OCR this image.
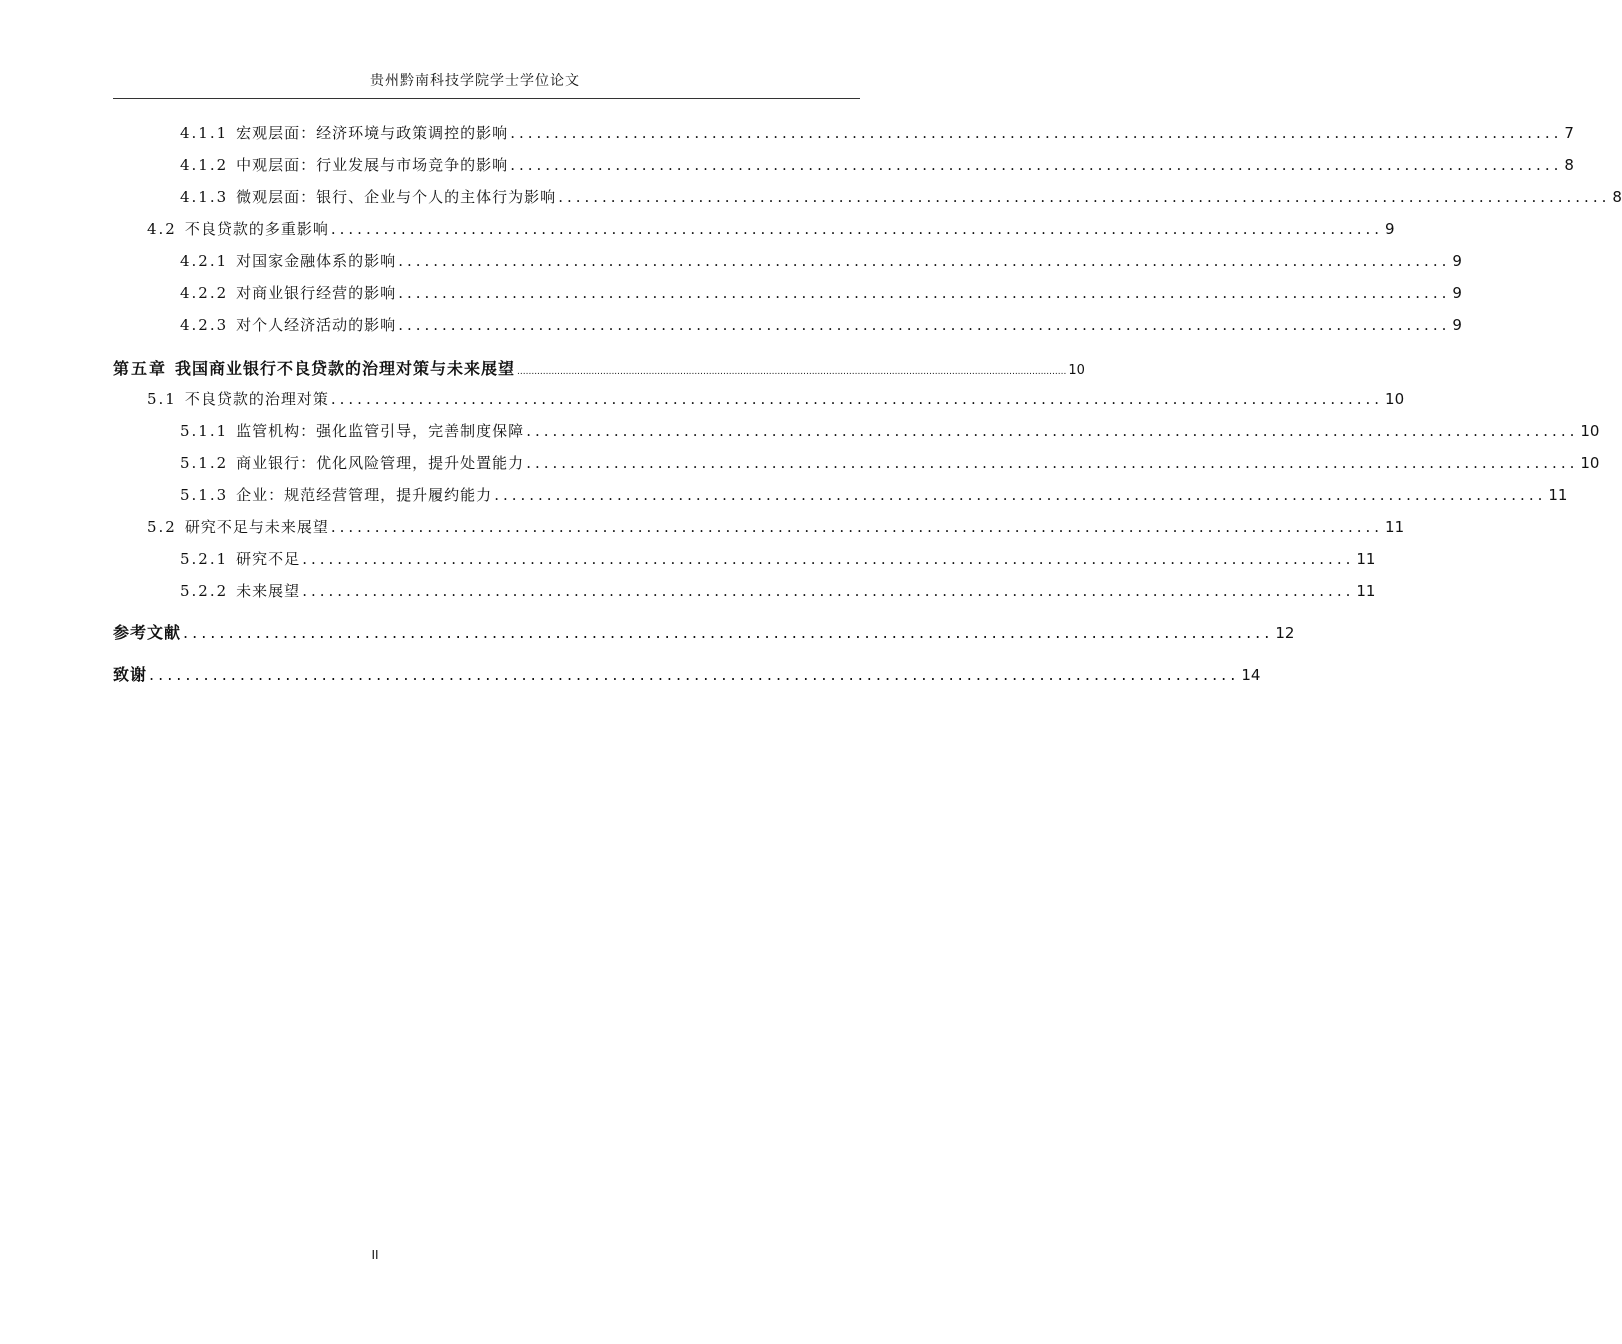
贵州黔南科技学院学士学位论文
4.1.1 宏观层面：经济环境与政策调控的影响 ........................................................................................................................ 7
4.1.2 中观层面：行业发展与市场竞争的影响 ........................................................................................................................ 8
4.1.3 微观层面：银行、企业与个人的主体行为影响 ........................................................................................................................ 8
4.2 不良贷款的多重影响 ........................................................................................................................ 9
4.2.1 对国家金融体系的影响 ........................................................................................................................ 9
4.2.2 对商业银行经营的影响 ........................................................................................................................ 9
4.2.3 对个人经济活动的影响 ........................................................................................................................ 9
第五章 我国商业银行不良贷款的治理对策与未来展望 ................................................................................................................................................................................................ 10
5.1 不良贷款的治理对策 ........................................................................................................................ 10
5.1.1 监管机构：强化监管引导，完善制度保障 ........................................................................................................................ 10
5.1.2 商业银行：优化风险管理，提升处置能力 ........................................................................................................................ 10
5.1.3 企业：规范经营管理，提升履约能力 ........................................................................................................................ 11
5.2 研究不足与未来展望 ........................................................................................................................ 11
5.2.1 研究不足 ........................................................................................................................ 11
5.2.2 未来展望 ........................................................................................................................ 11
参考文献 ........................................................................................................................ 12
致谢 ........................................................................................................................ 14
II
